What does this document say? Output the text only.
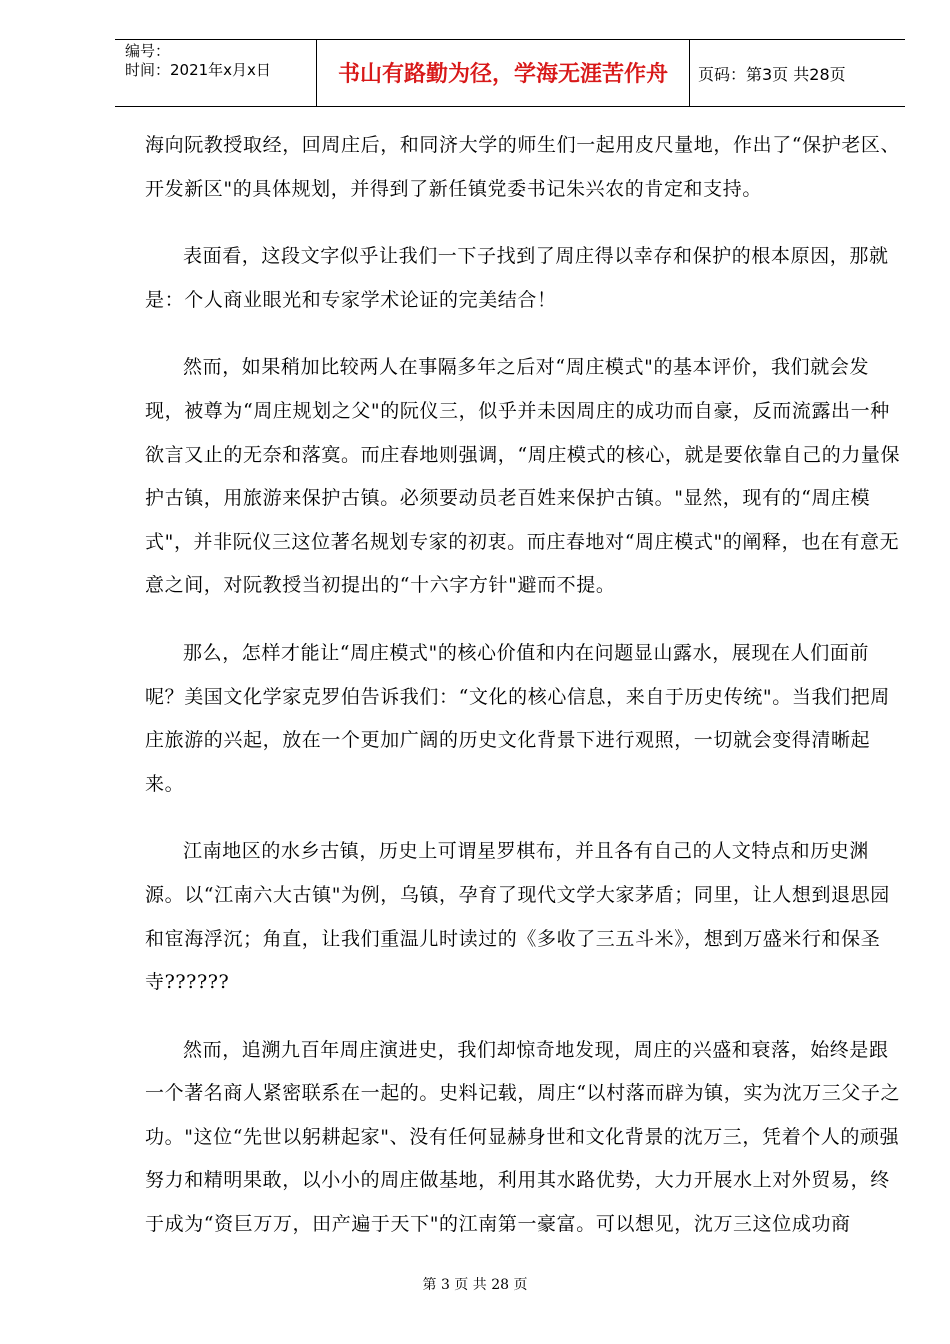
编号：
时间：2021年x月x日	书山有路勤为径，学海无涯苦作舟	页码：第3页 共28页

海向阮教授取经，回周庄后，和同济大学的师生们一起用皮尺量地，作出了“保护老区、开发新区"的具体规划，并得到了新任镇党委书记朱兴农的肯定和支持。

表面看，这段文字似乎让我们一下子找到了周庄得以幸存和保护的根本原因，那就是：个人商业眼光和专家学术论证的完美结合！

然而，如果稍加比较两人在事隔多年之后对“周庄模式"的基本评价，我们就会发现，被尊为“周庄规划之父"的阮仪三，似乎并未因周庄的成功而自豪，反而流露出一种欲言又止的无奈和落寞。而庄春地则强调，“周庄模式的核心，就是要依靠自己的力量保护古镇，用旅游来保护古镇。必须要动员老百姓来保护古镇。"显然，现有的“周庄模式"，并非阮仪三这位著名规划专家的初衷。而庄春地对“周庄模式"的阐释，也在有意无意之间，对阮教授当初提出的“十六字方针"避而不提。

那么，怎样才能让“周庄模式"的核心价值和内在问题显山露水，展现在人们面前呢？美国文化学家克罗伯告诉我们：“文化的核心信息，来自于历史传统"。当我们把周庄旅游的兴起，放在一个更加广阔的历史文化背景下进行观照，一切就会变得清晰起来。

江南地区的水乡古镇，历史上可谓星罗棋布，并且各有自己的人文特点和历史渊源。以“江南六大古镇"为例，乌镇，孕育了现代文学大家茅盾；同里，让人想到退思园和宦海浮沉；角直，让我们重温儿时读过的《多收了三五斗米》，想到万盛米行和保圣寺??????

然而，追溯九百年周庄演进史，我们却惊奇地发现，周庄的兴盛和衰落，始终是跟一个著名商人紧密联系在一起的。史料记载，周庄“以村落而辟为镇，实为沈万三父子之功。"这位“先世以躬耕起家"、没有任何显赫身世和文化背景的沈万三，凭着个人的顽强努力和精明果敢，以小小的周庄做基地，利用其水路优势，大力开展水上对外贸易，终于成为“资巨万万，田产遍于天下"的江南第一豪富。可以想见，沈万三这位成功商

第 3 页 共 28 页
